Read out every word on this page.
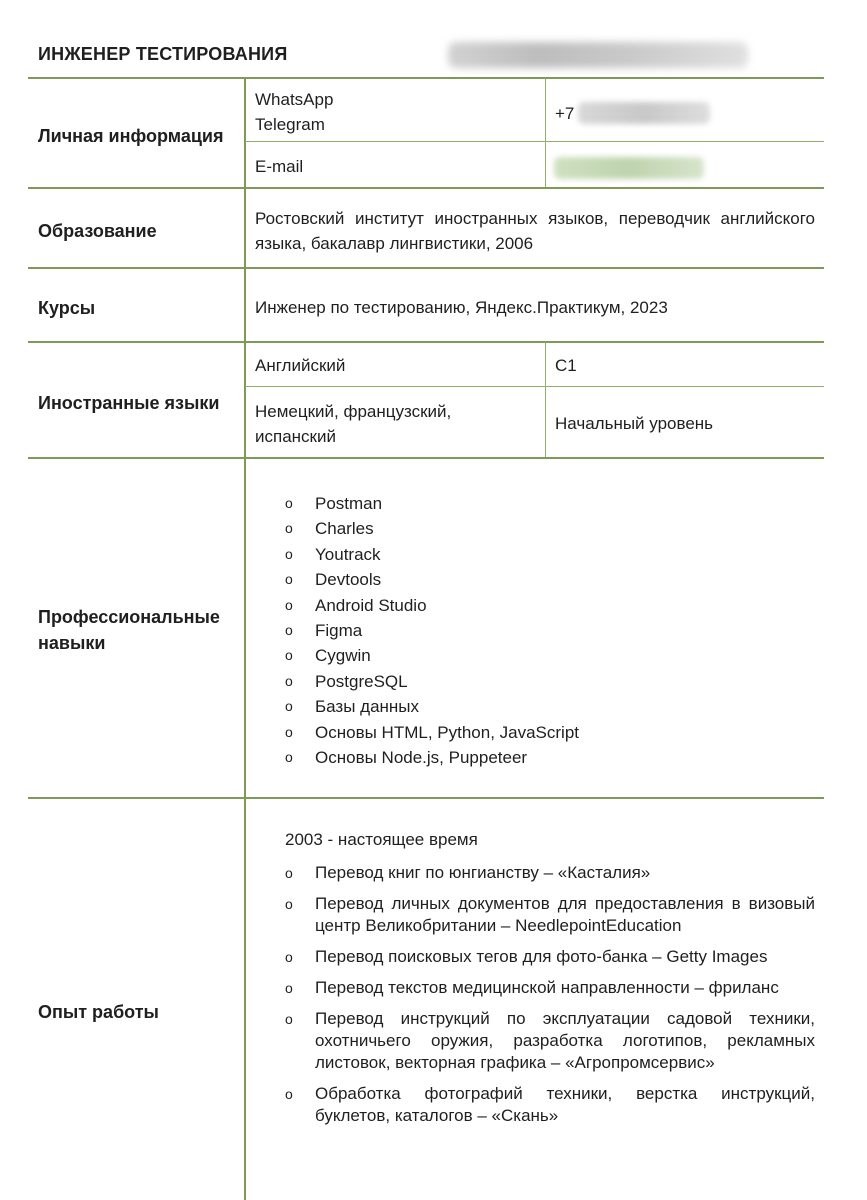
ИНЖЕНЕР ТЕСТИРОВАНИЯ
Личная информация
WhatsApp
Telegram
+7
E-mail
Образование
Ростовский институт иностранных языков, переводчик английского языка, бакалавр лингвистики, 2006
Курсы	Инженер по тестированию, Яндекс.Практикум, 2023
Иностранные языки
Английский	C1
Немецкий, французский, испанский
Начальный уровень
Профессиональные навыки
o Postman
o Charles
o Youtrack
o Devtools
o Android Studio
o Figma
o Cygwin
o PostgreSQL
o Базы данных
o Основы HTML, Python, JavaScript
o Основы Node.js, Puppeteer
Опыт работы
2003 - настоящее время
o Перевод книг по юнгианству – «Касталия»
o Перевод личных документов для предоставления в визовый центр Великобритании – NeedlepointEducation
o Перевод поисковых тегов для фото-банка – Getty Images
o Перевод текстов медицинской направленности – фриланс
o Перевод инструкций по эксплуатации садовой техники, охотничьего оружия, разработка логотипов, рекламных листовок, векторная графика – «Агропромсервис»
o Обработка фотографий техники, верстка инструкций, буклетов, каталогов – «Скань»
